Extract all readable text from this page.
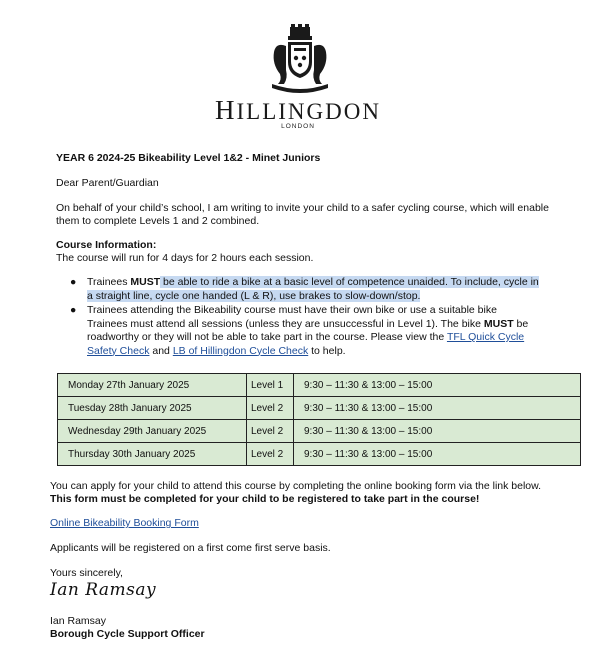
HILLINGDON
LONDON
YEAR 6 2024-25 Bikeability Level 1&2 - Minet Juniors
Dear Parent/Guardian
On behalf of your child’s school, I am writing to invite your child to a safer cycling course, which will enable
them to complete Levels 1 and 2 combined.
Course Information:
The course will run for 4 days for 2 hours each session.
● Trainees MUST be able to ride a bike at a basic level of competence unaided. To include, cycle in a straight line, cycle one handed (L & R), use brakes to slow-down/stop.
● Trainees attending the Bikeability course must have their own bike or use a suitable bike Trainees must attend all sessions (unless they are unsuccessful in Level 1). The bike MUST be roadworthy or they will not be able to take part in the course. Please view the TFL Quick Cycle Safety Check and LB of Hillingdon Cycle Check to help.
Monday 27th January 2025	Level 1	9:30 – 11:30 & 13:00 – 15:00
Tuesday 28th January 2025	Level 2	9:30 – 11:30 & 13:00 – 15:00
Wednesday 29th January 2025	Level 2	9:30 – 11:30 & 13:00 – 15:00
Thursday 30th January 2025	Level 2	9:30 – 11:30 & 13:00 – 15:00
You can apply for your child to attend this course by completing the online booking form via the link below.
This form must be completed for your child to be registered to take part in the course!
Online Bikeability Booking Form
Applicants will be registered on a first come first serve basis.
Yours sincerely,
Ian Ramsay
Ian Ramsay
Borough Cycle Support Officer
